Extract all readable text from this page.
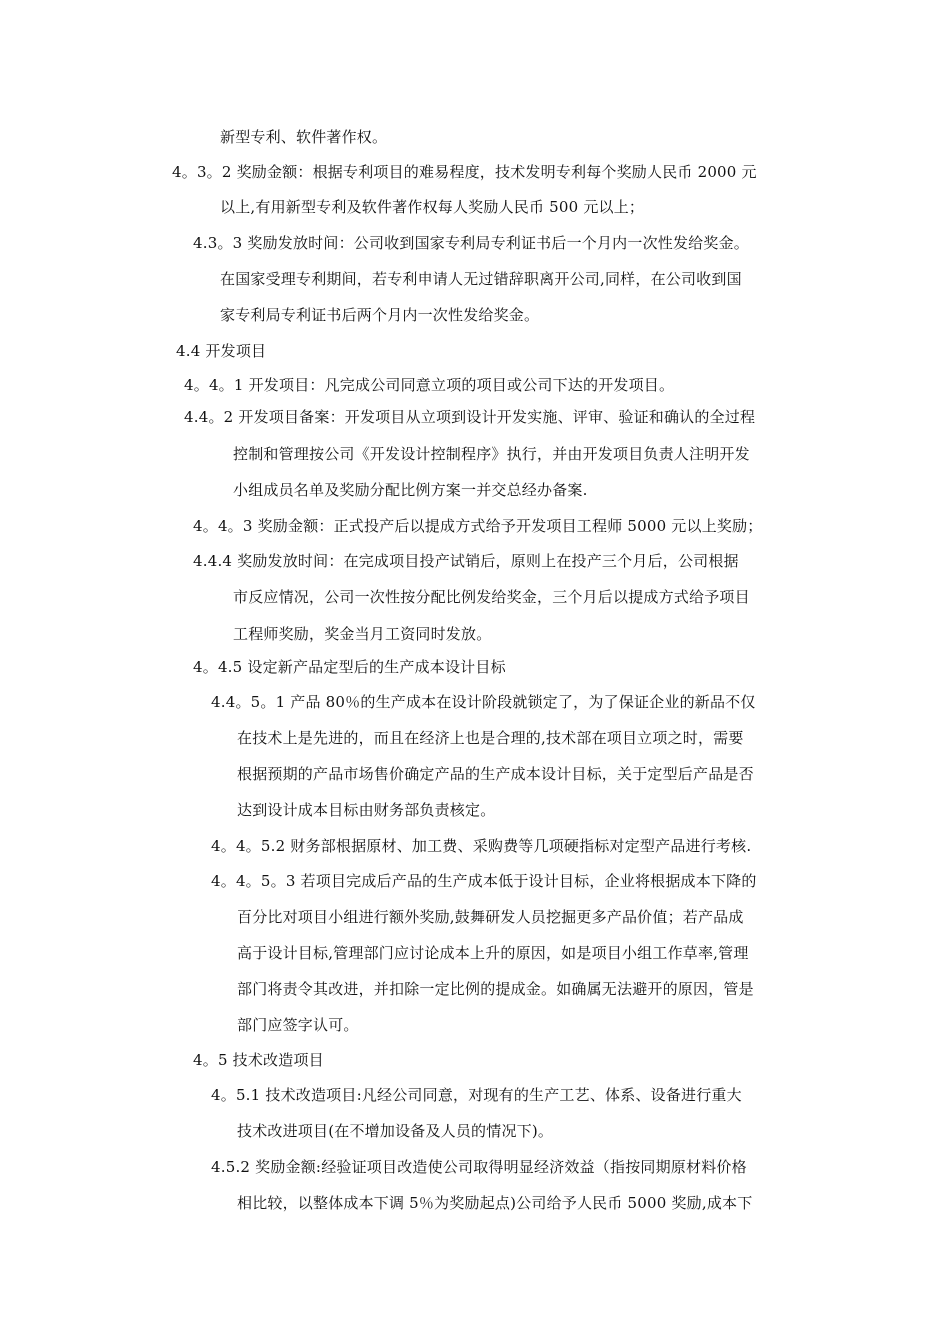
新型专利、软件著作权。
4。3。2 奖励金额：根据专利项目的难易程度，技术发明专利每个奖励人民币 2000 元
以上,有用新型专利及软件著作权每人奖励人民币 500 元以上；
4.3。3 奖励发放时间：公司收到国家专利局专利证书后一个月内一次性发给奖金。
在国家受理专利期间，若专利申请人无过错辞职离开公司,同样，在公司收到国
家专利局专利证书后两个月内一次性发给奖金。
4.4 开发项目
4。4。1 开发项目：凡完成公司同意立项的项目或公司下达的开发项目。
4.4。2 开发项目备案：开发项目从立项到设计开发实施、评审、验证和确认的全过程
控制和管理按公司《开发设计控制程序》执行，并由开发项目负责人注明开发
小组成员名单及奖励分配比例方案一并交总经办备案.
4。4。3 奖励金额：正式投产后以提成方式给予开发项目工程师 5000 元以上奖励；
4.4.4 奖励发放时间：在完成项目投产试销后，原则上在投产三个月后，公司根据
市反应情况，公司一次性按分配比例发给奖金，三个月后以提成方式给予项目
工程师奖励，奖金当月工资同时发放。
4。4.5 设定新产品定型后的生产成本设计目标
4.4。5。1 产品 80％的生产成本在设计阶段就锁定了，为了保证企业的新品不仅
在技术上是先进的，而且在经济上也是合理的,技术部在项目立项之时，需要
根据预期的产品市场售价确定产品的生产成本设计目标，关于定型后产品是否
达到设计成本目标由财务部负责核定。
4。4。5.2 财务部根据原材、加工费、采购费等几项硬指标对定型产品进行考核.
4。4。5。3 若项目完成后产品的生产成本低于设计目标，企业将根据成本下降的
百分比对项目小组进行额外奖励,鼓舞研发人员挖掘更多产品价值；若产品成
高于设计目标,管理部门应讨论成本上升的原因，如是项目小组工作草率,管理
部门将责令其改进，并扣除一定比例的提成金。如确属无法避开的原因，管是
部门应签字认可。
4。5 技术改造项目
4。5.1 技术改造项目:凡经公司同意，对现有的生产工艺、体系、设备进行重大
技术改进项目(在不增加设备及人员的情况下)。
4.5.2 奖励金额:经验证项目改造使公司取得明显经济效益（指按同期原材料价格
相比较，以整体成本下调 5％为奖励起点)公司给予人民币 5000 奖励,成本下
